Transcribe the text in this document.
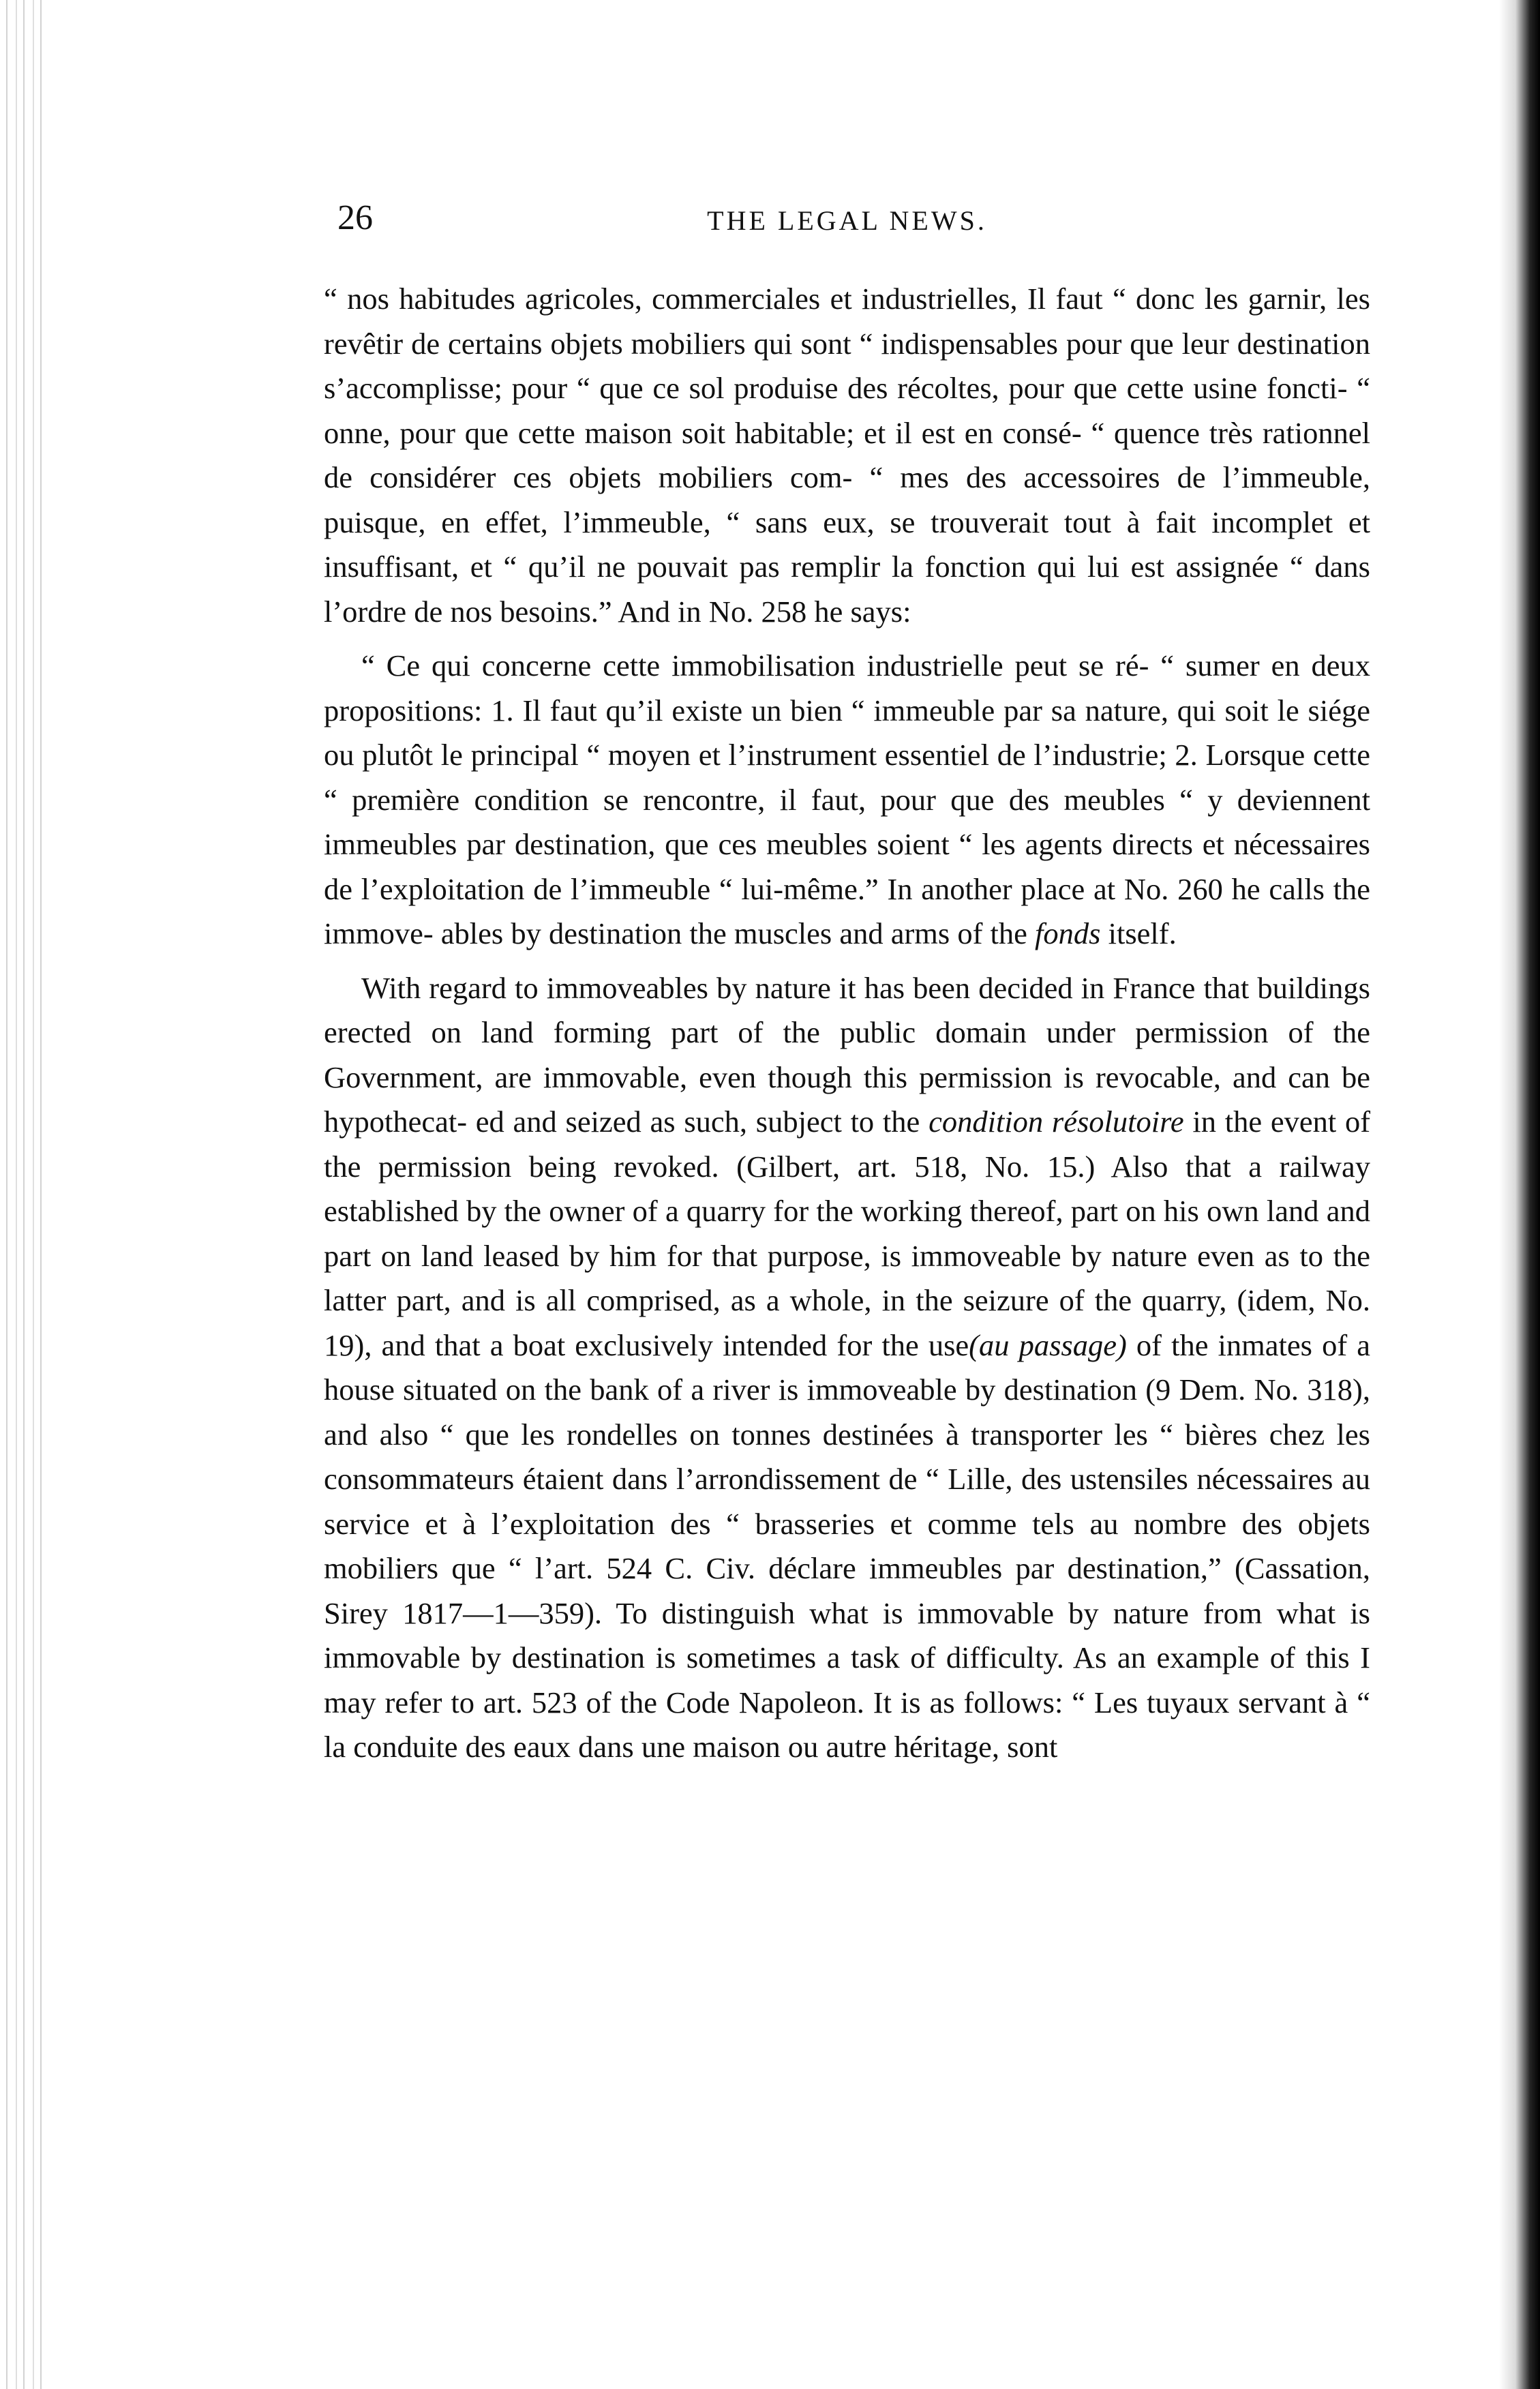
26	THE LEGAL NEWS.

“ nos habitudes agricoles, commerciales et industrielles, Il faut “ donc les garnir, les revêtir de certains objets mobiliers qui sont “ indispensables pour que leur destination s’accomplisse; pour “ que ce sol produise des récoltes, pour que cette usine foncti- “ onne, pour que cette maison soit habitable; et il est en consé- “ quence très rationnel de considérer ces objets mobiliers com- “ mes des accessoires de l’immeuble, puisque, en effet, l’immeuble, “ sans eux, se trouverait tout à fait incomplet et insuffisant, et “ qu’il ne pouvait pas remplir la fonction qui lui est assignée “ dans l’ordre de nos besoins.” And in No. 258 he says:

“ Ce qui concerne cette immobilisation industrielle peut se ré- “ sumer en deux propositions: 1. Il faut qu’il existe un bien “ immeuble par sa nature, qui soit le siége ou plutôt le principal “ moyen et l’instrument essentiel de l’industrie; 2. Lorsque cette “ première condition se rencontre, il faut, pour que des meubles “ y deviennent immeubles par destination, que ces meubles soient “ les agents directs et nécessaires de l’exploitation de l’immeuble “ lui-même.” In another place at No. 260 he calls the immove- ables by destination the muscles and arms of the fonds itself.

With regard to immoveables by nature it has been decided in France that buildings erected on land forming part of the public domain under permission of the Government, are immovable, even though this permission is revocable, and can be hypothecat- ed and seized as such, subject to the condition résolutoire in the event of the permission being revoked. (Gilbert, art. 518, No. 15.) Also that a railway established by the owner of a quarry for the working thereof, part on his own land and part on land leased by him for that purpose, is immoveable by nature even as to the latter part, and is all comprised, as a whole, in the seizure of the quarry, (idem, No. 19), and that a boat exclusively intended for the use(au passage) of the inmates of a house situated on the bank of a river is immoveable by destination (9 Dem. No. 318), and also “ que les rondelles on tonnes destinées à transporter les “ bières chez les consommateurs étaient dans l’arrondissement de “ Lille, des ustensiles nécessaires au service et à l’exploitation des “ brasseries et comme tels au nombre des objets mobiliers que “ l’art. 524 C. Civ. déclare immeubles par destination,” (Cassation, Sirey 1817—1—359). To distinguish what is immovable by nature from what is immovable by destination is sometimes a task of difficulty. As an example of this I may refer to art. 523 of the Code Napoleon. It is as follows: “ Les tuyaux servant à “ la conduite des eaux dans une maison ou autre héritage, sont
